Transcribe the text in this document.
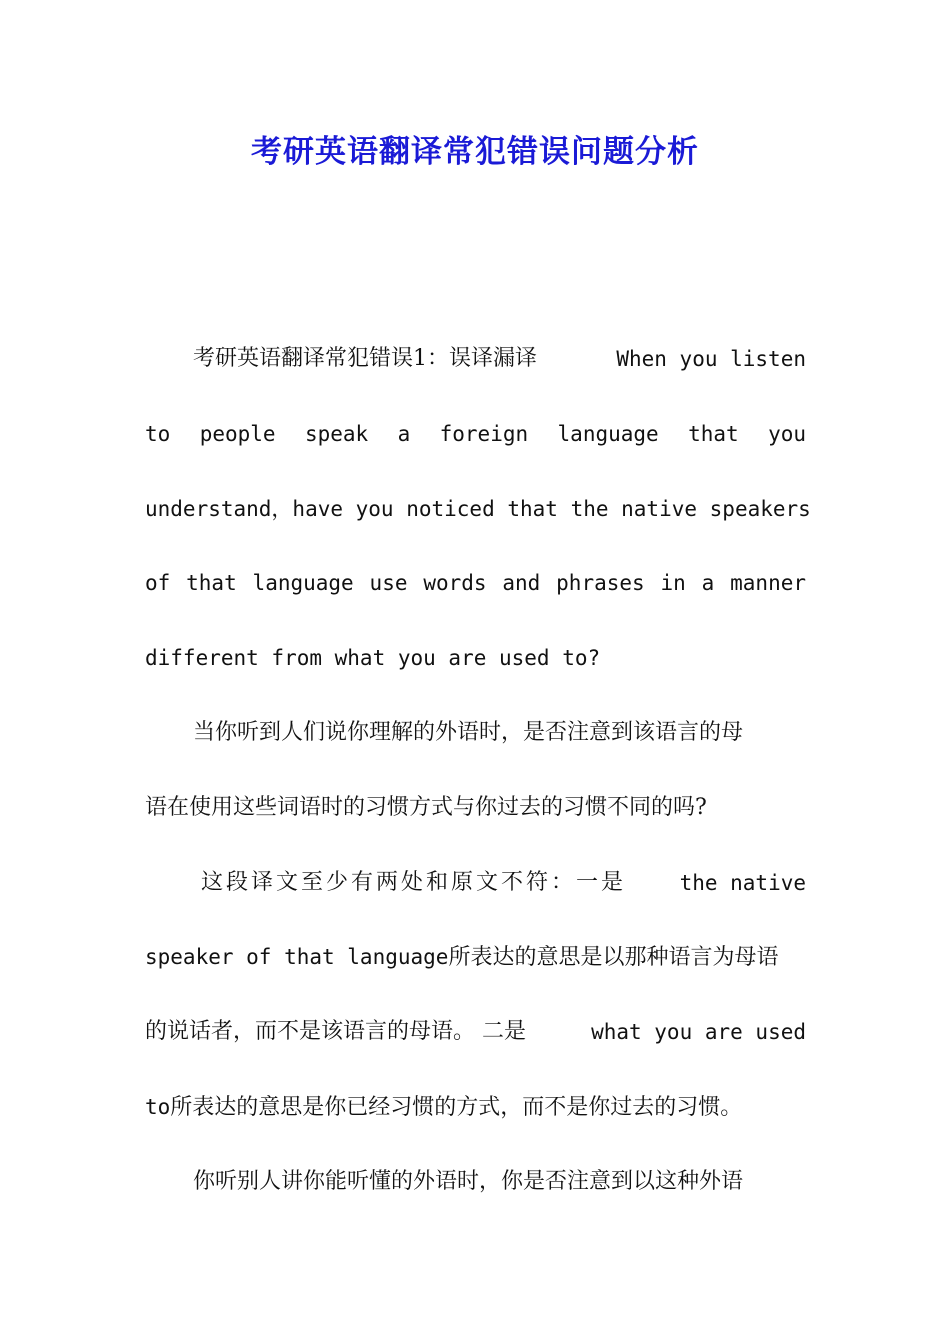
考研英语翻译常犯错误问题分析
考研英语翻译常犯错误1：误译漏译	When you listen
to people speak a foreign language that you
understand，have you noticed that the native speakers
of that language use words and phrases in a manner
different from what you are used to?
当你听到人们说你理解的外语时，是否注意到该语言的母
语在使用这些词语时的习惯方式与你过去的习惯不同的吗?
这段译文至少有两处和原文不符：一是	the native
speaker of that language所表达的意思是以那种语言为母语
的说话者，而不是该语言的母语。 二是	what you are used
to所表达的意思是你已经习惯的方式，而不是你过去的习惯。
你听别人讲你能听懂的外语时，你是否注意到以这种外语
